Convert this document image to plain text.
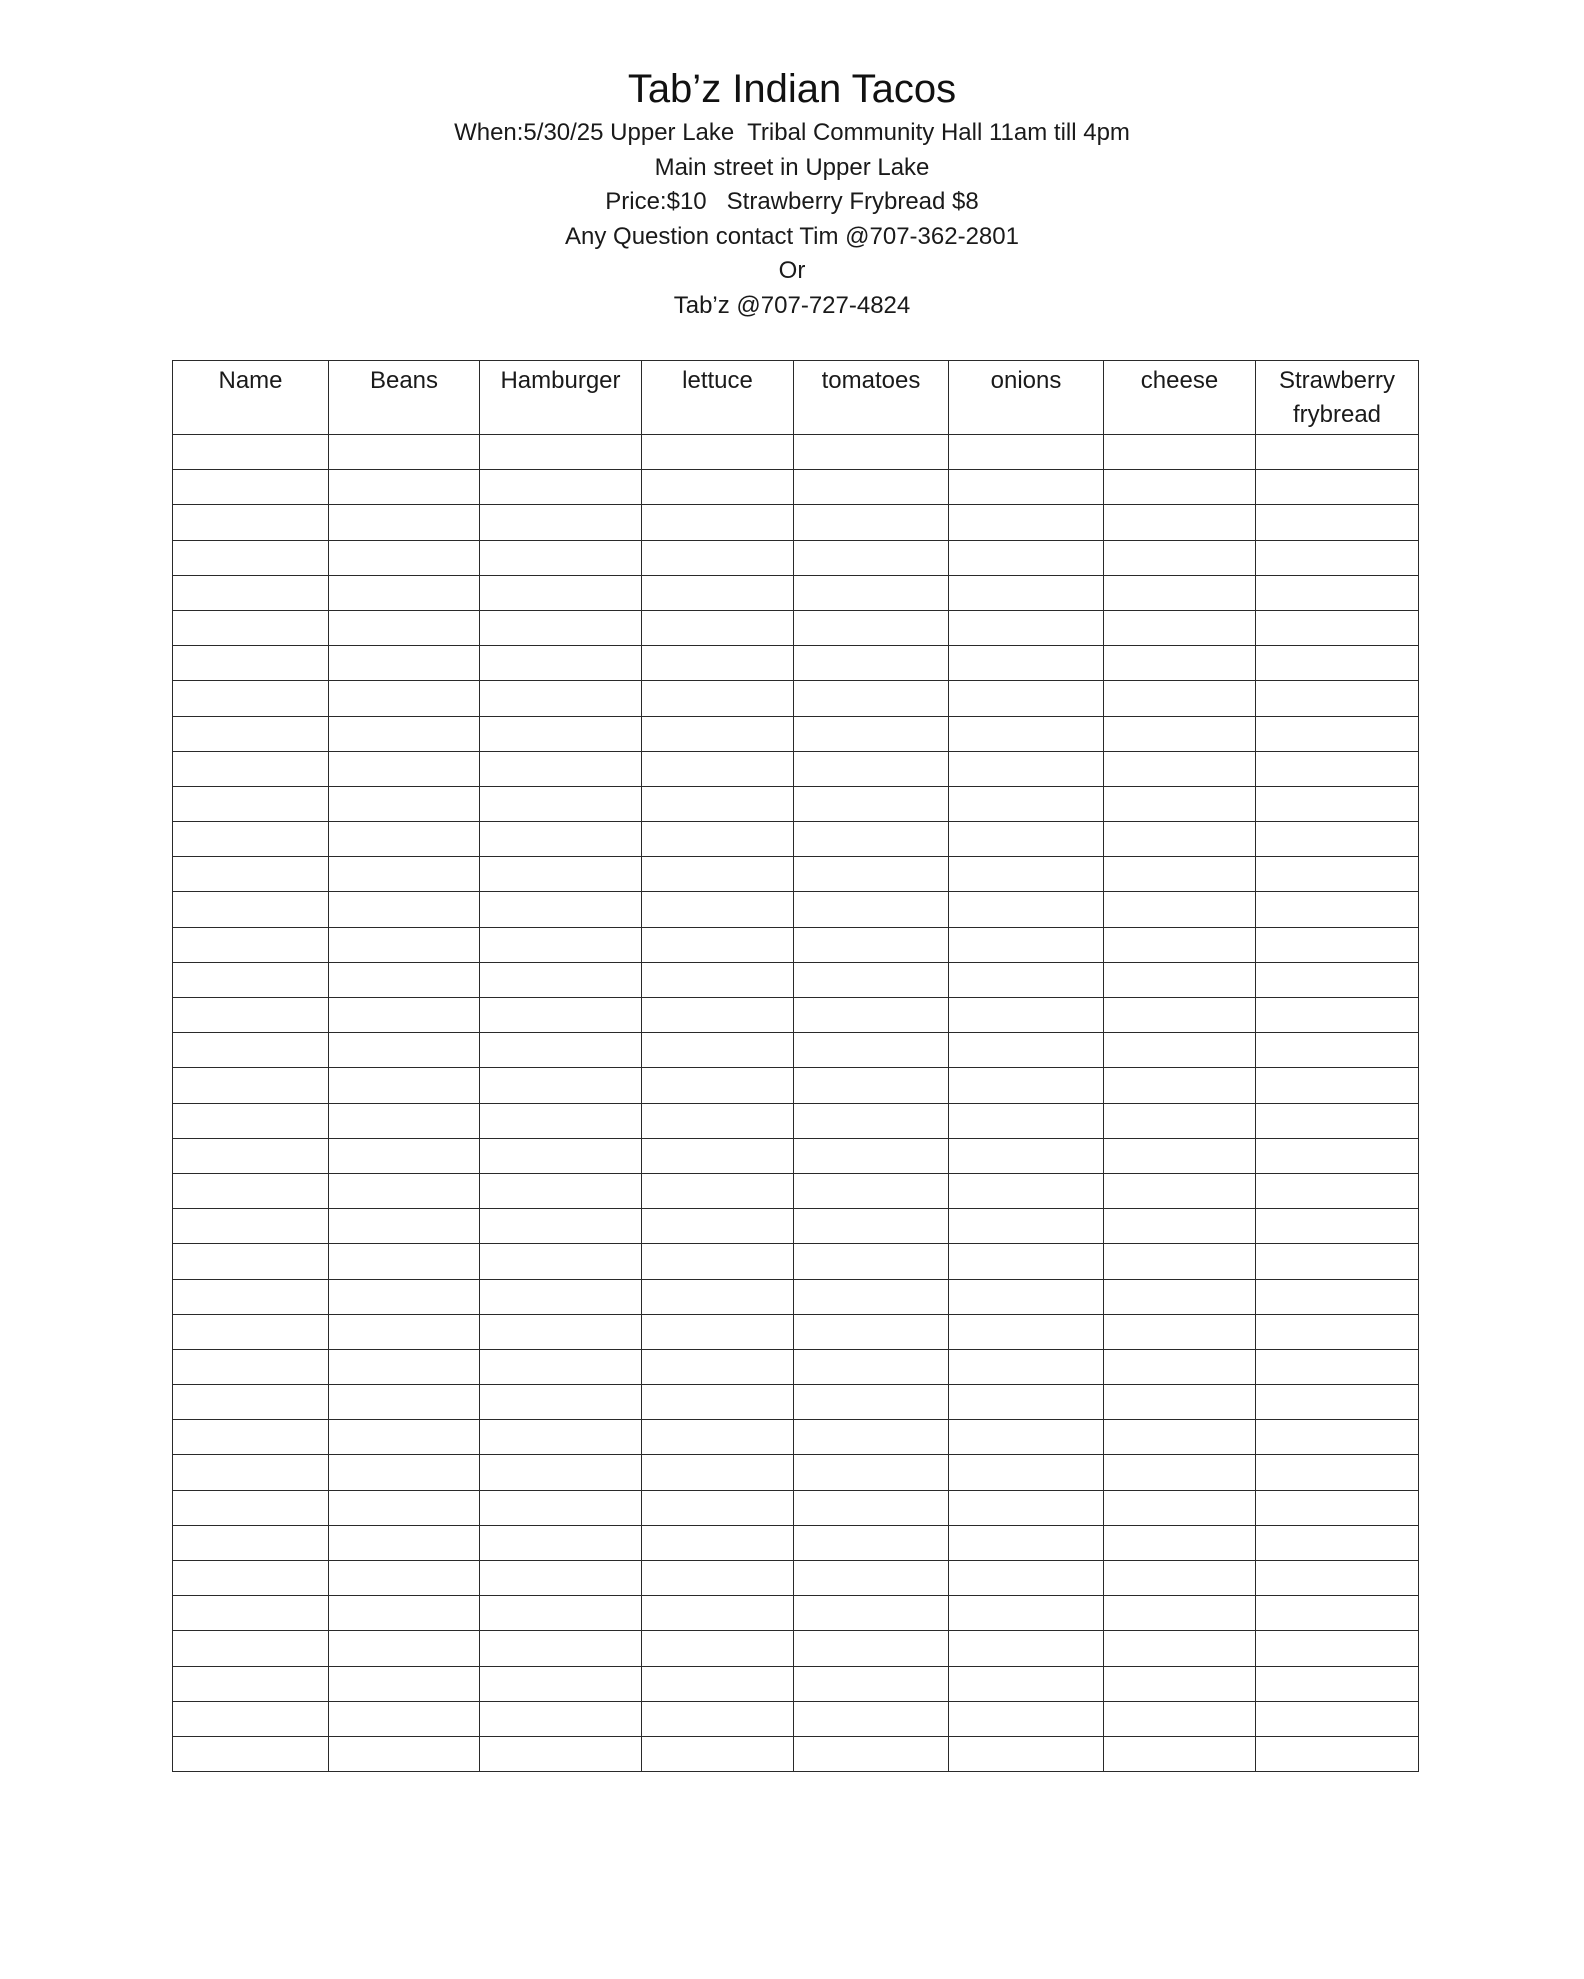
Tab’z Indian Tacos

When:5/30/25 Upper Lake  Tribal Community Hall 11am till 4pm

Main street in Upper Lake

Price:$10   Strawberry Frybread $8

Any Question contact Tim @707-362-2801

Or

Tab’z @707-727-4824

Name	Beans	Hamburger	lettuce	tomatoes	onions	cheese	Strawberry frybread
